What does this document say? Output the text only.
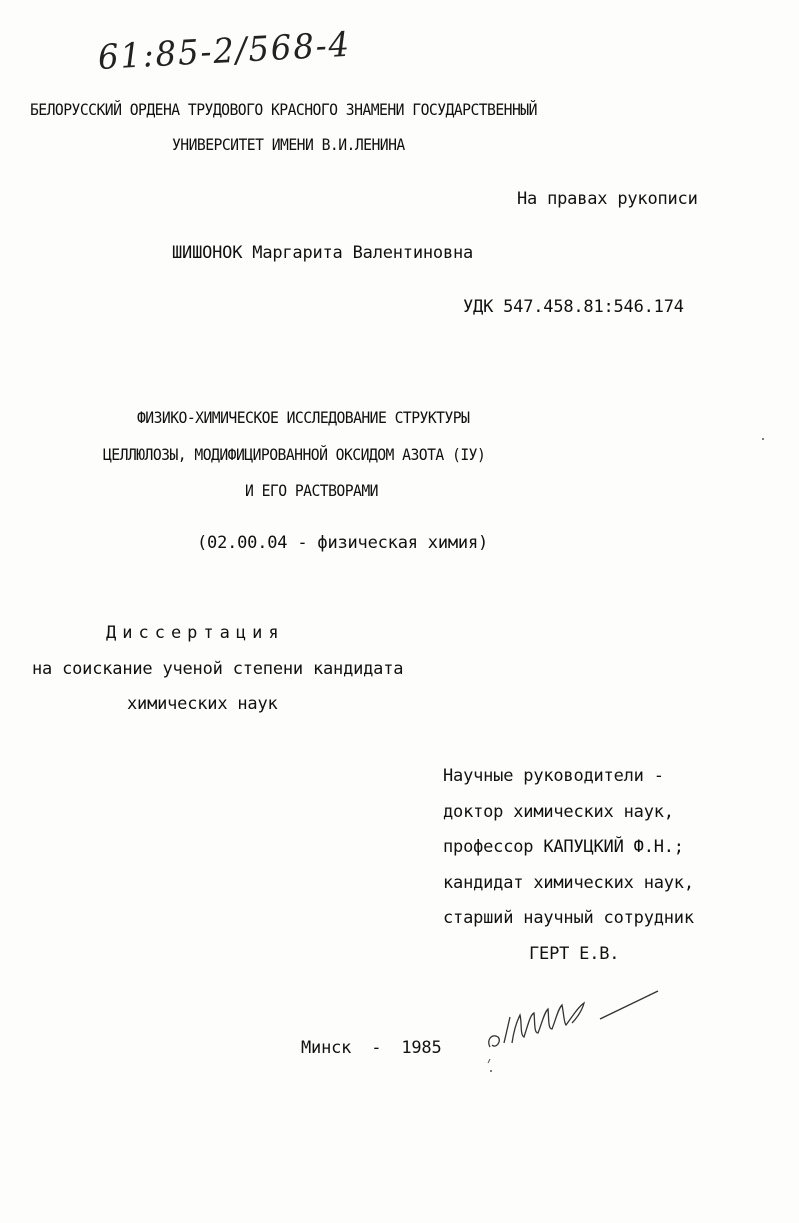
61:85-2/568-4
БЕЛОРУССКИЙ ОРДЕНА ТРУДОВОГО КРАСНОГО ЗНАМЕНИ ГОСУДАРСТВЕННЫЙ
УНИВЕРСИТЕТ ИМЕНИ В.И.ЛЕНИНА
На правах рукописи
ШИШОНОК Маргарита Валентиновна
УДК 547.458.81:546.174
ФИЗИКО-ХИМИЧЕСКОЕ ИССЛЕДОВАНИЕ СТРУКТУРЫ
ЦЕЛЛЮЛОЗЫ, МОДИФИЦИРОВАННОЙ ОКСИДОМ АЗОТА (IУ)
И ЕГО РАСТВОРАМИ
(02.00.04 - физическая химия)
Диссертация
на соискание ученой степени кандидата
химических наук
Научные руководители -
доктор химических наук,
профессор КАПУЦКИЙ Ф.Н.;
кандидат химических наук,
старший научный сотрудник
ГЕРТ Е.В.
Минск  -  1985
